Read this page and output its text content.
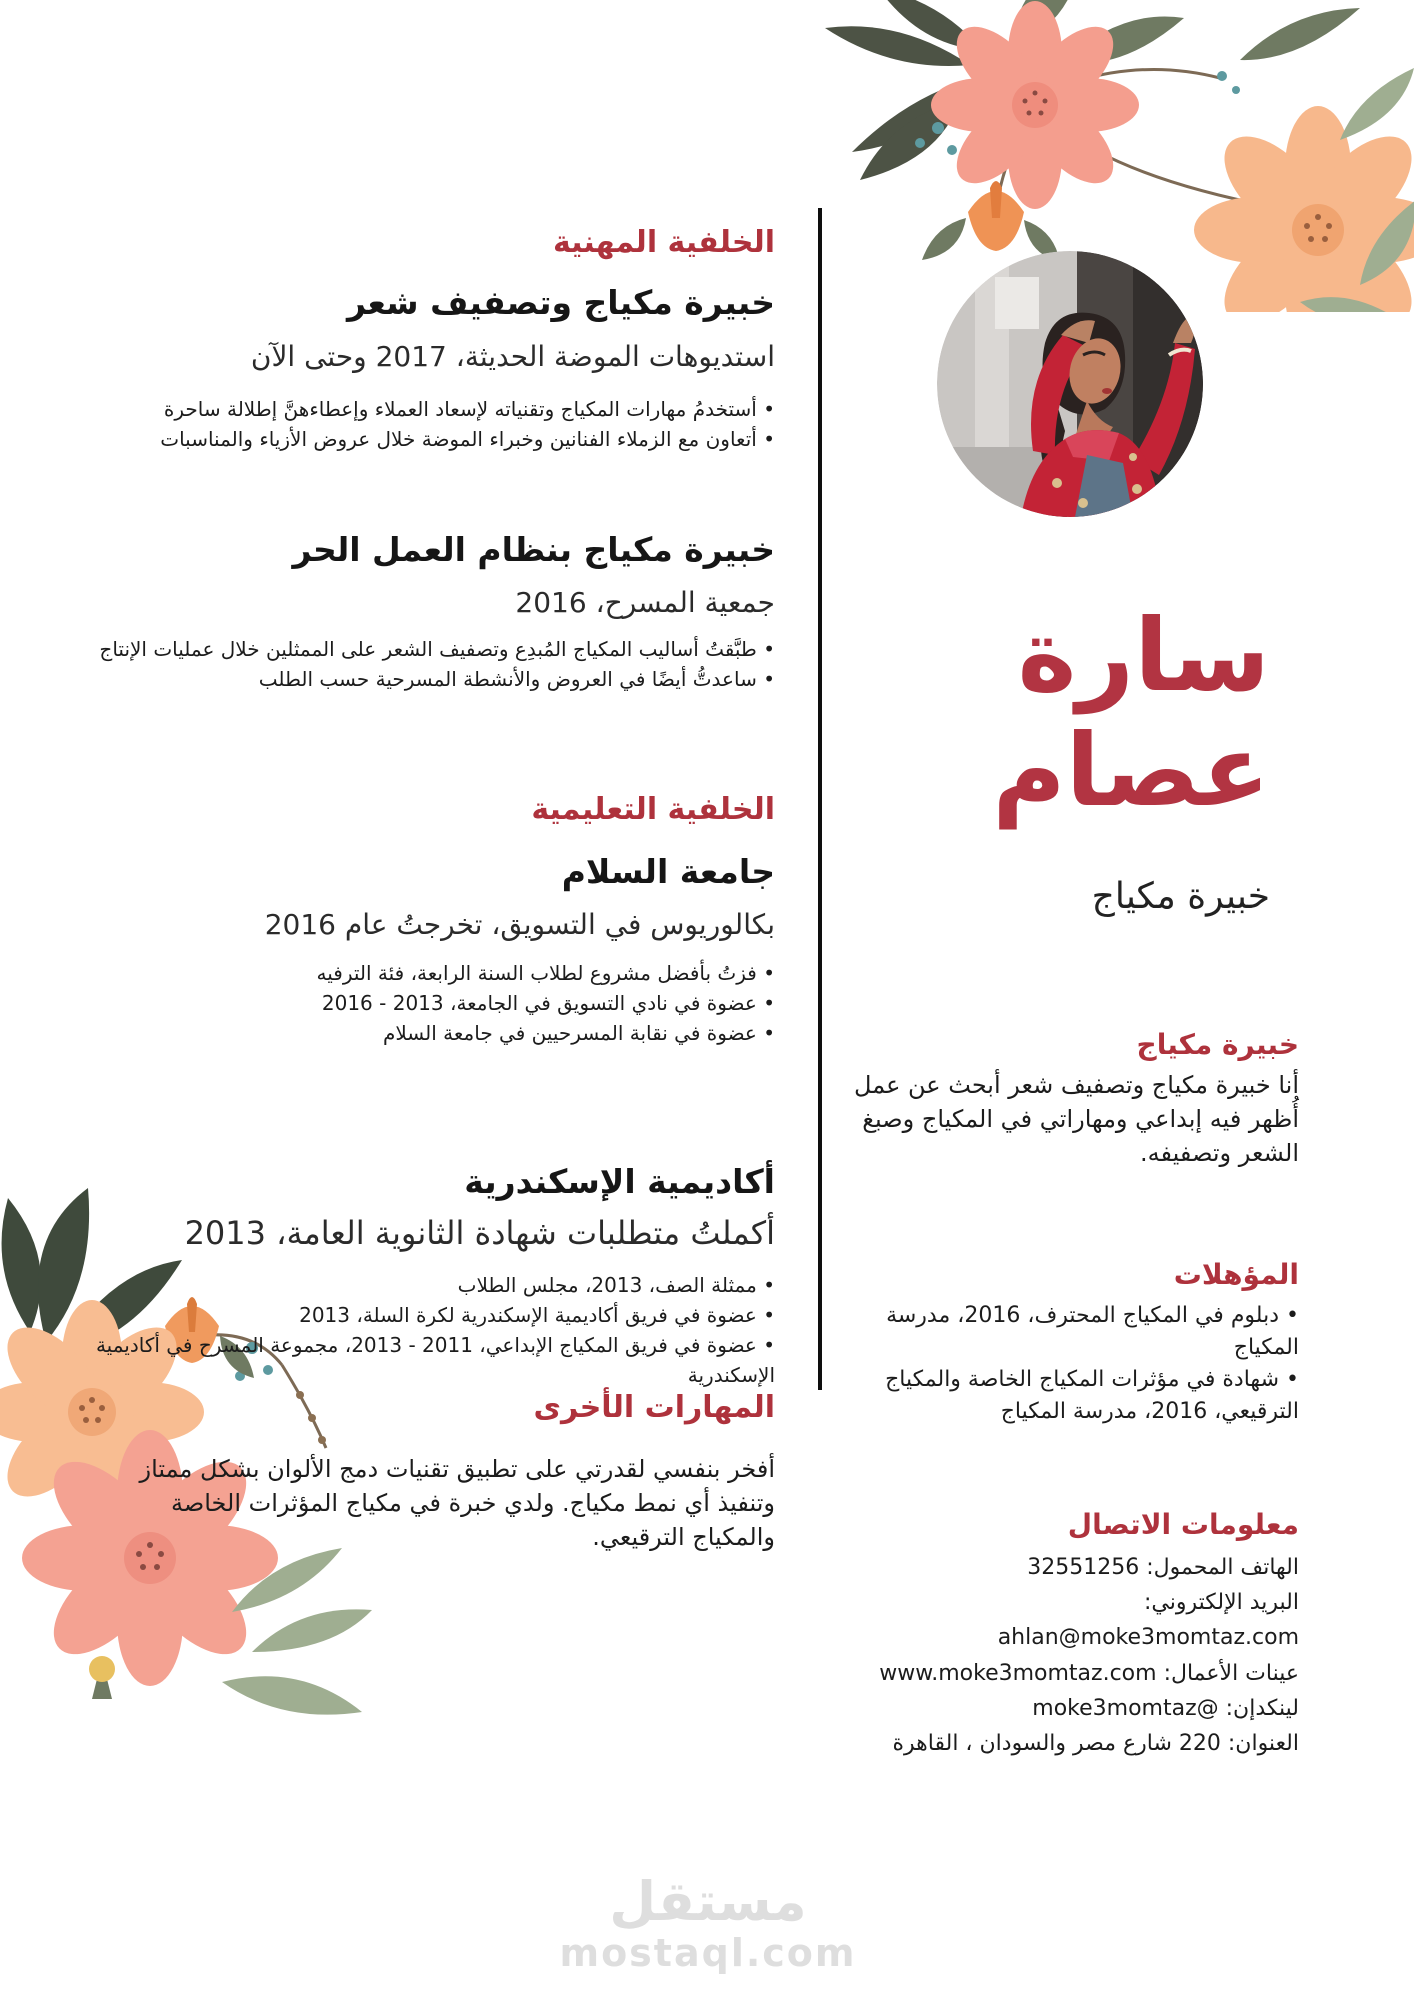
سارة
عصام
خبيرة مكياج
خبيرة مكياج
أنا خبيرة مكياج وتصفيف شعر أبحث عن عمل أُظهر فيه إبداعي ومهاراتي في المكياج وصبغ الشعر وتصفيفه.
المؤهلات
• دبلوم في المكياج المحترف، 2016، مدرسة المكياج
• شهادة في مؤثرات المكياج الخاصة والمكياج الترقيعي، 2016، مدرسة المكياج
معلومات الاتصال
الهاتف المحمول: 32551256
البريد الإلكتروني: ahlan@moke3momtaz.com
عينات الأعمال: www.moke3momtaz.com
لينكدإن: @moke3momtaz
العنوان: 220 شارع مصر والسودان ، القاهرة
الخلفية المهنية
خبيرة مكياج وتصفيف شعر
استديوهات الموضة الحديثة، 2017 وحتى الآن
• أستخدمُ مهارات المكياج وتقنياته لإسعاد العملاء وإعطاءهنَّ إطلالة ساحرة
• أتعاون مع الزملاء الفنانين وخبراء الموضة خلال عروض الأزياء والمناسبات
خبيرة مكياج بنظام العمل الحر
جمعية المسرح، 2016
• طبَّقتُ أساليب المكياج المُبدِع وتصفيف الشعر على الممثلين خلال عمليات الإنتاج
• ساعدتُّ أيضًا في العروض والأنشطة المسرحية حسب الطلب
الخلفية التعليمية
جامعة السلام
بكالوريوس في التسويق، تخرجتُ عام 2016
• فزتُ بأفضل مشروع لطلاب السنة الرابعة، فئة الترفيه
• عضوة في نادي التسويق في الجامعة، 2013 - 2016
• عضوة في نقابة المسرحيين في جامعة السلام
أكاديمية الإسكندرية
أكملتُ متطلبات شهادة الثانوية العامة، 2013
• ممثلة الصف، 2013، مجلس الطلاب
• عضوة في فريق أكاديمية الإسكندرية لكرة السلة، 2013
• عضوة في فريق المكياج الإبداعي، 2011 - 2013، مجموعة المسرح في أكاديمية الإسكندرية
المهارات الأخرى
أفخر بنفسي لقدرتي على تطبيق تقنيات دمج الألوان بشكل ممتاز وتنفيذ أي نمط مكياج. ولدي خبرة في مكياج المؤثرات الخاصة والمكياج الترقيعي.
مستقل
mostaql.com
